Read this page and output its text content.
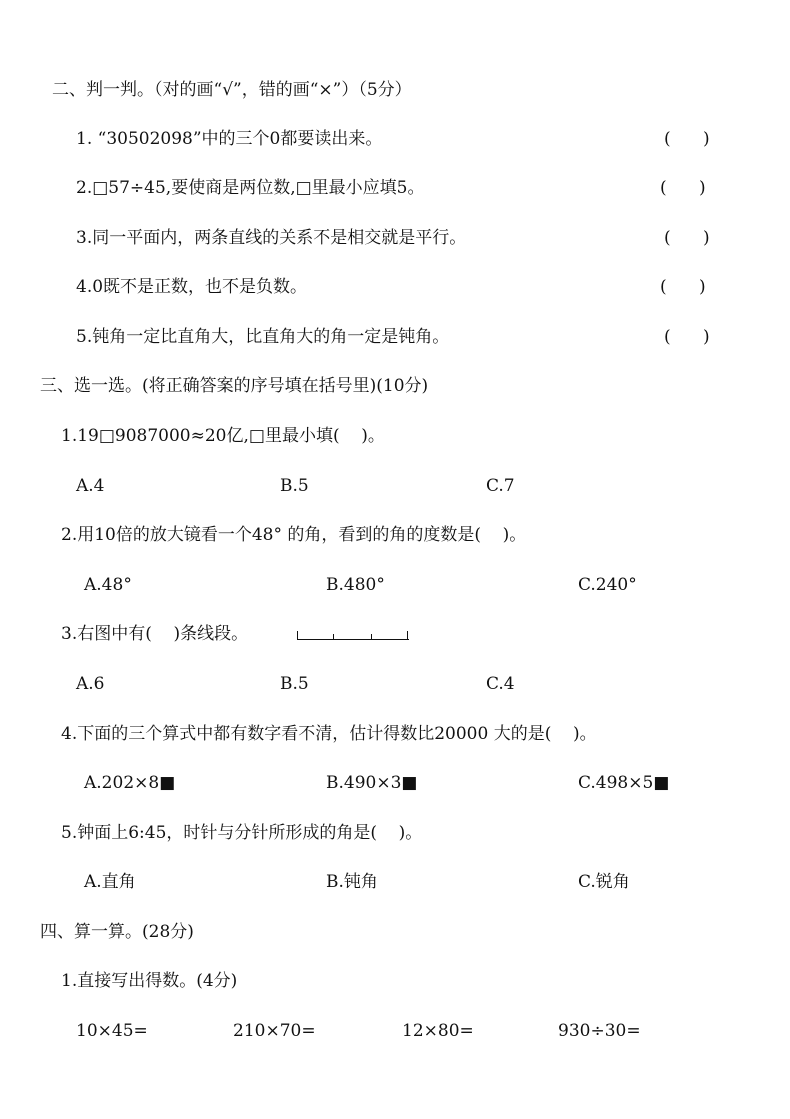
二、判一判。（对的画“√”，错的画“×”）（5分）
1. “30502098”中的三个0都要读出来。	(      )
2.□57÷45,要使商是两位数,□里最小应填5。	(      )
3.同一平面内，两条直线的关系不是相交就是平行。	(      )
4.0既不是正数，也不是负数。	(      )
5.钝角一定比直角大，比直角大的角一定是钝角。	(      )
三、选一选。(将正确答案的序号填在括号里)(10分)
1.19□9087000≈20亿,□里最小填(    )。
A.4	B.5	C.7
2.用10倍的放大镜看一个48° 的角，看到的角的度数是(    )。
A.48°	B.480°	C.240°
3.右图中有(    )条线段。
A.6	B.5	C.4
4.下面的三个算式中都有数字看不清，估计得数比20000 大的是(    )。
A.202×8■	B.490×3■	C.498×5■
5.钟面上6:45，时针与分针所形成的角是(    )。
A.直角	B.钝角	C.锐角
四、算一算。(28分)
1.直接写出得数。(4分)
10×45=	210×70=	12×80=	930÷30=
